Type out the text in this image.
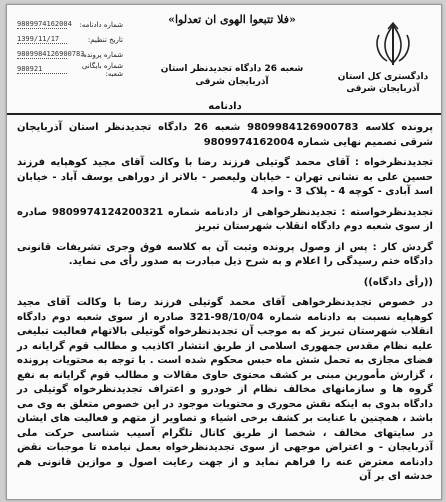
«فلا تتبعوا الهوی ان تعدلوا»
دادگستری کل استان آذربایجان شرقی
شعبه 26 دادگاه تجدیدنظر استان آذربایجان شرقی
شماره دادنامه:
9809974162004
تاریخ تنظیم:
1399/11/17
شماره پرونده:
9809984126900783
شماره بایگانی شعبه:
980921
دادنامه

پرونده کلاسه 9809984126900783 شعبه 26 دادگاه تجدیدنظر استان آذربایجان شرقی تصمیم نهایی شماره 9809974162004

تجدیدنظرخواه : آقای محمد گوتیلی فرزند رضا با وکالت آقای مجید کوهپایه فرزند حسین علی به نشانی تهران - خیابان ولیعصر - بالاتر از دوراهی یوسف آباد - خیابان اسد آبادی - کوچه 4 - پلاک 3 - واحد 4

تجدیدنظرخواسته : تجدیدنظرخواهی از دادنامه شماره 9809974124200321 صادره از سوی شعبه دوم دادگاه انقلاب شهرستان تبریز

گردش کار : پس از وصول پرونده وثبت آن به کلاسه فوق وجری تشریفات قانونی دادگاه ختم رسیدگی را اعلام و به شرح ذیل مبادرت به صدور رأی می نماید.

((رأی دادگاه))

در خصوص تجدیدنظرخواهی آقای محمد گوتیلی فرزند رضا با وکالت آقای مجید کوهپایه نسبت به دادنامه شماره 98/10/04-321 صادره از سوی شعبه دوم دادگاه انقلاب شهرستان تبریز که به موجب آن تجدیدنظرخواه گوتیلی بالاتهام فعالیت تبلیغی علیه نظام مقدس جمهوری اسلامی از طریق انتشار اکاذیب و مطالب قوم گرایانه در فضای مجازی به تحمل شش ماه حبس محکوم شده است . با توجه به محتویات پرونده ، گزارش مأمورین مبنی بر کشف محتوی حاوی مقالات و مطالب قوم گرایانه به نفع گروه ها و سازمانهای مخالف نظام از خودرو و اعتراف تجدیدنظرخواه گوتیلی در دادگاه بدوی به اینکه نقش محوری و محتویات موجود در این خصوص متعلق به وی می باشد ، همچنین با عنایت بر کشف برخی اشیاء و تصاویر از متهم و فعالیت های ایشان در سایتهای مخالف ، شخصا از طریق کانال تلگرام آسیب شناسی حرکت ملی آذربایجان - و اعتراض موجهی از سوی تجدیدنظرخواه بعمل نیامده تا موجبات نقض دادنامه معترض عنه را فراهم نماید و از جهت رعایت اصول و موازین قانونی هم خدشه ای بر آن
